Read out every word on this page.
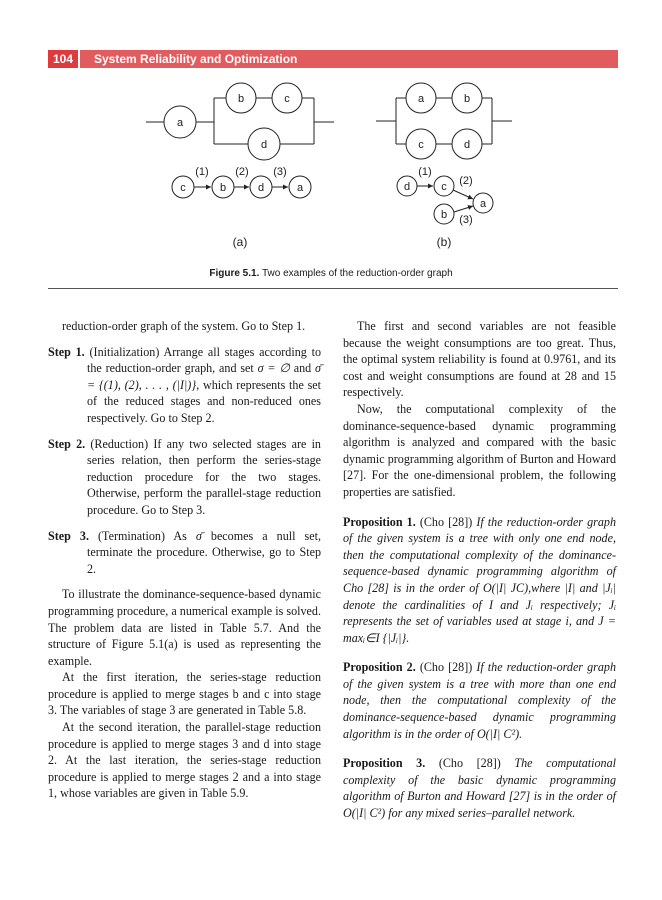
104	System Reliability and Optimization
a
b	c
d
c	b	d	a
(1) (2) (3)
(a)
a	b
c	d
d	c
a
b
(1)
(2)
(3)
(b)
Figure 5.1. Two examples of the reduction-order graph

reduction-order graph of the system. Go to Step 1.

Step 1. (Initialization) Arrange all stages according to the reduction-order graph, and set σ = ∅ and σ̄ = {(1), (2), . . . , (|I|)}, which represents the set of the reduced stages and non-reduced ones respectively. Go to Step 2.

Step 2. (Reduction) If any two selected stages are in series relation, then perform the series-stage reduction procedure for the two stages. Otherwise, perform the parallel-stage reduction procedure. Go to Step 3.

Step 3. (Termination) As σ̄ becomes a null set, terminate the procedure. Otherwise, go to Step 2.

To illustrate the dominance-sequence-based dynamic programming procedure, a numerical example is solved. The problem data are listed in Table 5.7. And the structure of Figure 5.1(a) is used as representing the example.

At the first iteration, the series-stage reduction procedure is applied to merge stages b and c into stage 3. The variables of stage 3 are generated in Table 5.8.

At the second iteration, the parallel-stage reduction procedure is applied to merge stages 3 and d into stage 2. At the last iteration, the series-stage reduction procedure is applied to merge stages 2 and a into stage 1, whose variables are given in Table 5.9.

The first and second variables are not feasible because the weight consumptions are too great. Thus, the optimal system reliability is found at 0.9761, and its cost and weight consumptions are found at 28 and 15 respectively.

Now, the computational complexity of the dominance-sequence-based dynamic programming algorithm is analyzed and compared with the basic dynamic programming algorithm of Burton and Howard [27]. For the one-dimensional problem, the following properties are satisfied.

Proposition 1. (Cho [28]) If the reduction-order graph of the given system is a tree with only one end node, then the computational complexity of the dominance-sequence-based dynamic programming algorithm of Cho [28] is in the order of O(|I| JC),where |I| and |Jᵢ| denote the cardinalities of I and Jᵢ respectively; Jᵢ represents the set of variables used at stage i, and J = maxᵢ∈I {|Jᵢ|}.

Proposition 2. (Cho [28]) If the reduction-order graph of the given system is a tree with more than one end node, then the computational complexity of the dominance-sequence-based dynamic programming algorithm is in the order of O(|I| C²).

Proposition 3. (Cho [28]) The computational complexity of the basic dynamic programming algorithm of Burton and Howard [27] is in the order of O(|I| C²) for any mixed series–parallel network.
